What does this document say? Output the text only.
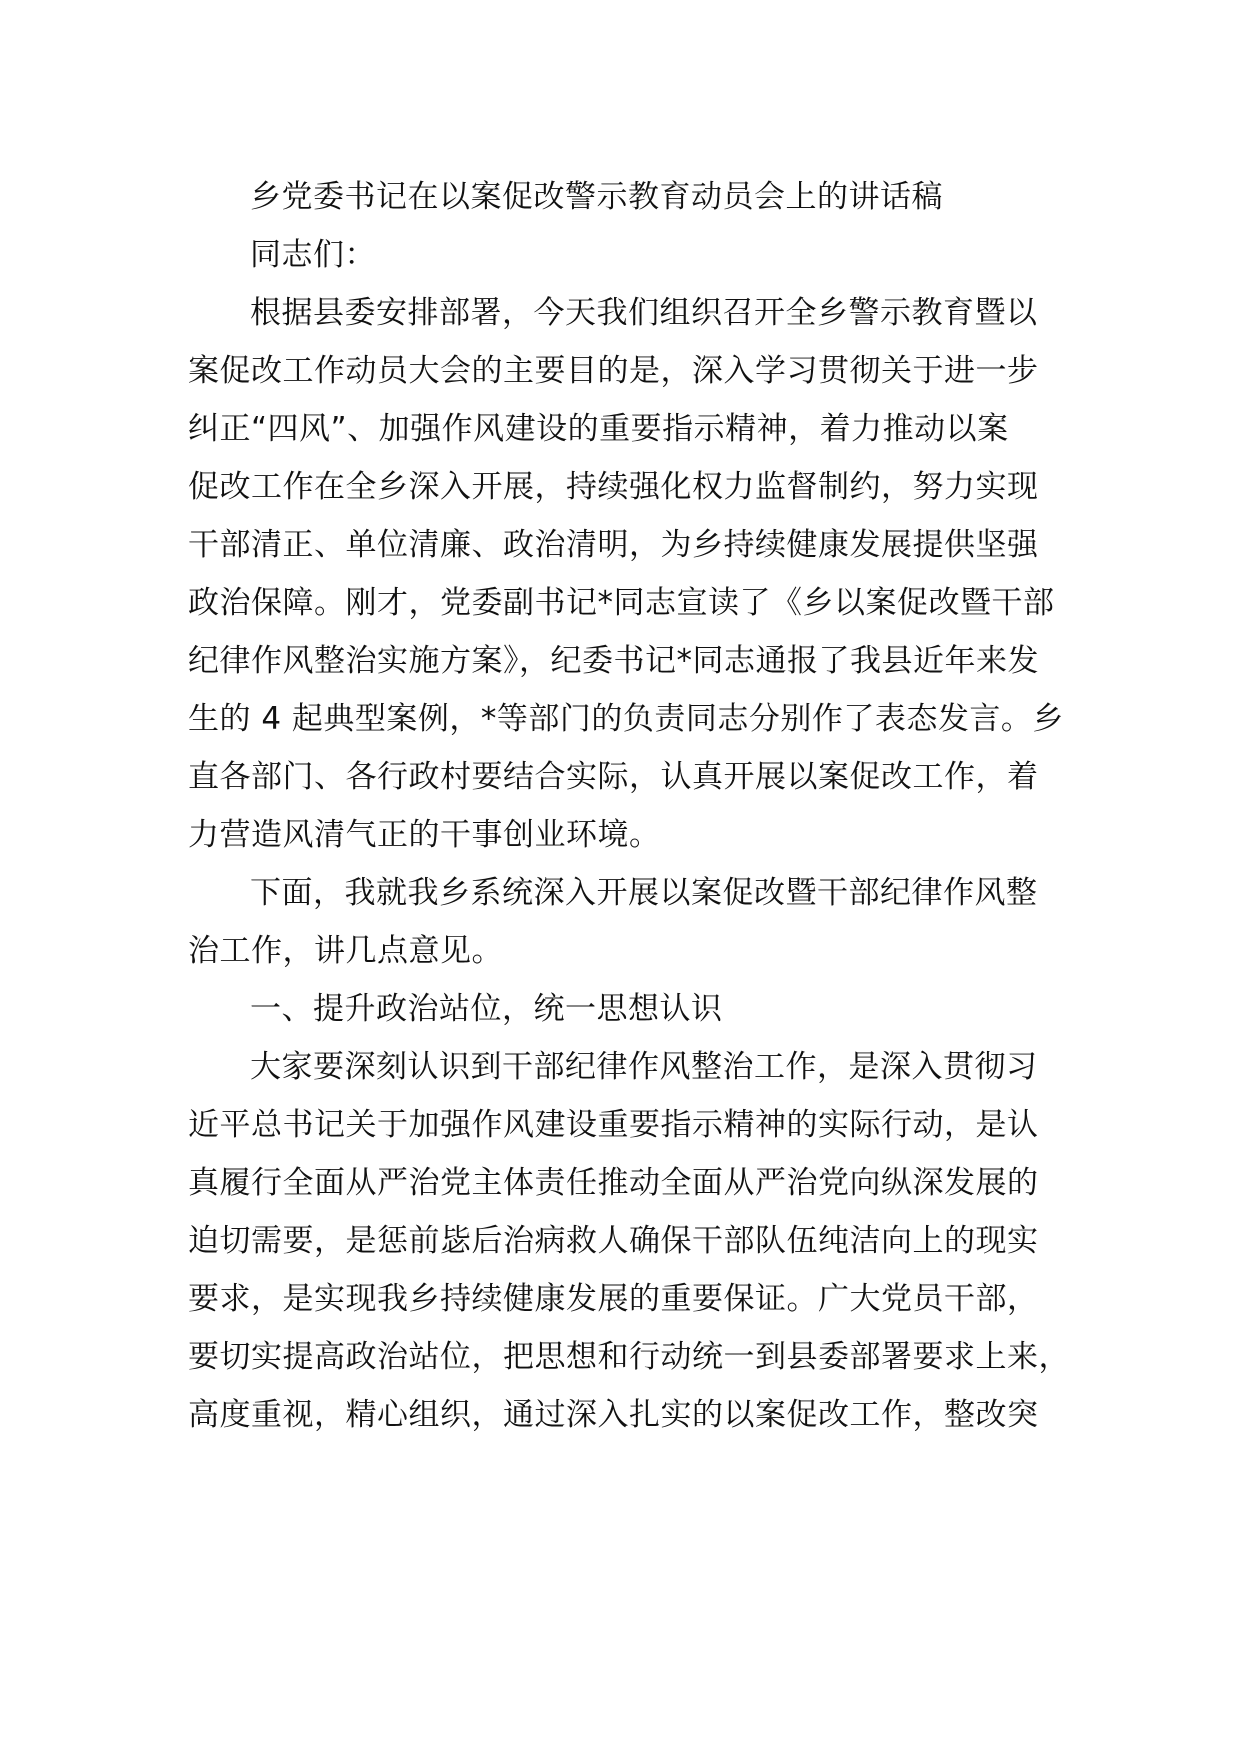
乡党委书记在以案促改警示教育动员会上的讲话稿
同志们：
根据县委安排部署，今天我们组织召开全乡警示教育暨以
案促改工作动员大会的主要目的是，深入学习贯彻关于进一步
纠正“四风”、加强作风建设的重要指示精神，着力推动以案
促改工作在全乡深入开展，持续强化权力监督制约，努力实现
干部清正、单位清廉、政治清明，为乡持续健康发展提供坚强
政治保障。刚才，党委副书记*同志宣读了《乡以案促改暨干部
纪律作风整治实施方案》，纪委书记*同志通报了我县近年来发
生的 4 起典型案例，*等部门的负责同志分别作了表态发言。乡
直各部门、各行政村要结合实际，认真开展以案促改工作，着
力营造风清气正的干事创业环境。
下面，我就我乡系统深入开展以案促改暨干部纪律作风整
治工作，讲几点意见。
一、提升政治站位，统一思想认识
大家要深刻认识到干部纪律作风整治工作，是深入贯彻习
近平总书记关于加强作风建设重要指示精神的实际行动，是认
真履行全面从严治党主体责任推动全面从严治党向纵深发展的
迫切需要，是惩前毖后治病救人确保干部队伍纯洁向上的现实
要求，是实现我乡持续健康发展的重要保证。广大党员干部，
要切实提高政治站位，把思想和行动统一到县委部署要求上来，
高度重视，精心组织，通过深入扎实的以案促改工作，整改突
